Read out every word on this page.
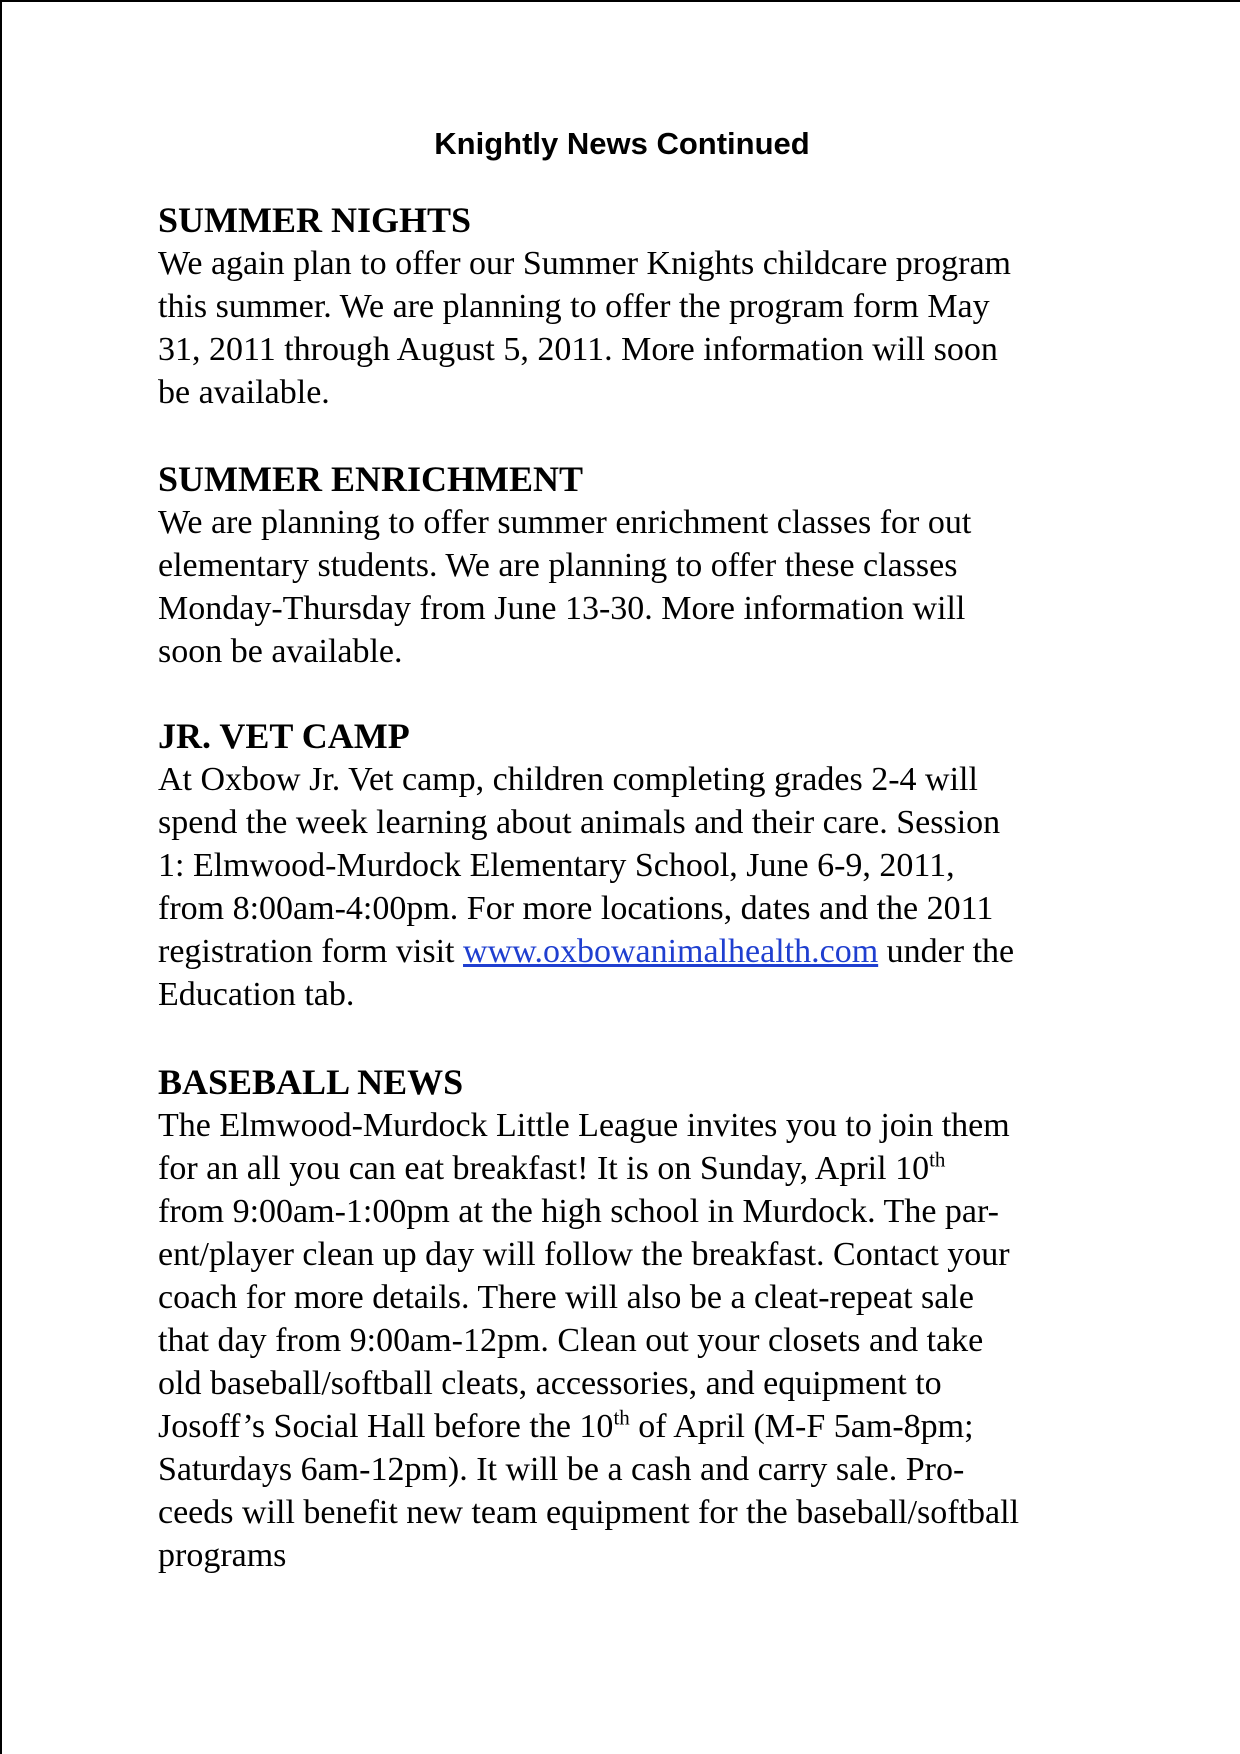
Knightly News Continued
SUMMER NIGHTS
We again plan to offer our Summer Knights childcare program
this summer. We are planning to offer the program form May
31, 2011 through August 5, 2011. More information will soon
be available.
SUMMER ENRICHMENT
We are planning to offer summer enrichment classes for out
elementary students. We are planning to offer these classes
Monday-Thursday from June 13-30. More information will
soon be available.
JR. VET CAMP
At Oxbow Jr. Vet camp, children completing grades 2-4 will
spend the week learning about animals and their care. Session
1: Elmwood-Murdock Elementary School, June 6-9, 2011,
from 8:00am-4:00pm. For more locations, dates and the 2011
registration form visit www.oxbowanimalhealth.com under the
Education tab.
BASEBALL NEWS
The Elmwood-Murdock Little League invites you to join them
for an all you can eat breakfast! It is on Sunday, April 10th
from 9:00am-1:00pm at the high school in Murdock. The par-
ent/player clean up day will follow the breakfast. Contact your
coach for more details. There will also be a cleat-repeat sale
that day from 9:00am-12pm. Clean out your closets and take
old baseball/softball cleats, accessories, and equipment to
Josoff’s Social Hall before the 10th of April (M-F 5am-8pm;
Saturdays 6am-12pm). It will be a cash and carry sale. Pro-
ceeds will benefit new team equipment for the baseball/softball
programs
